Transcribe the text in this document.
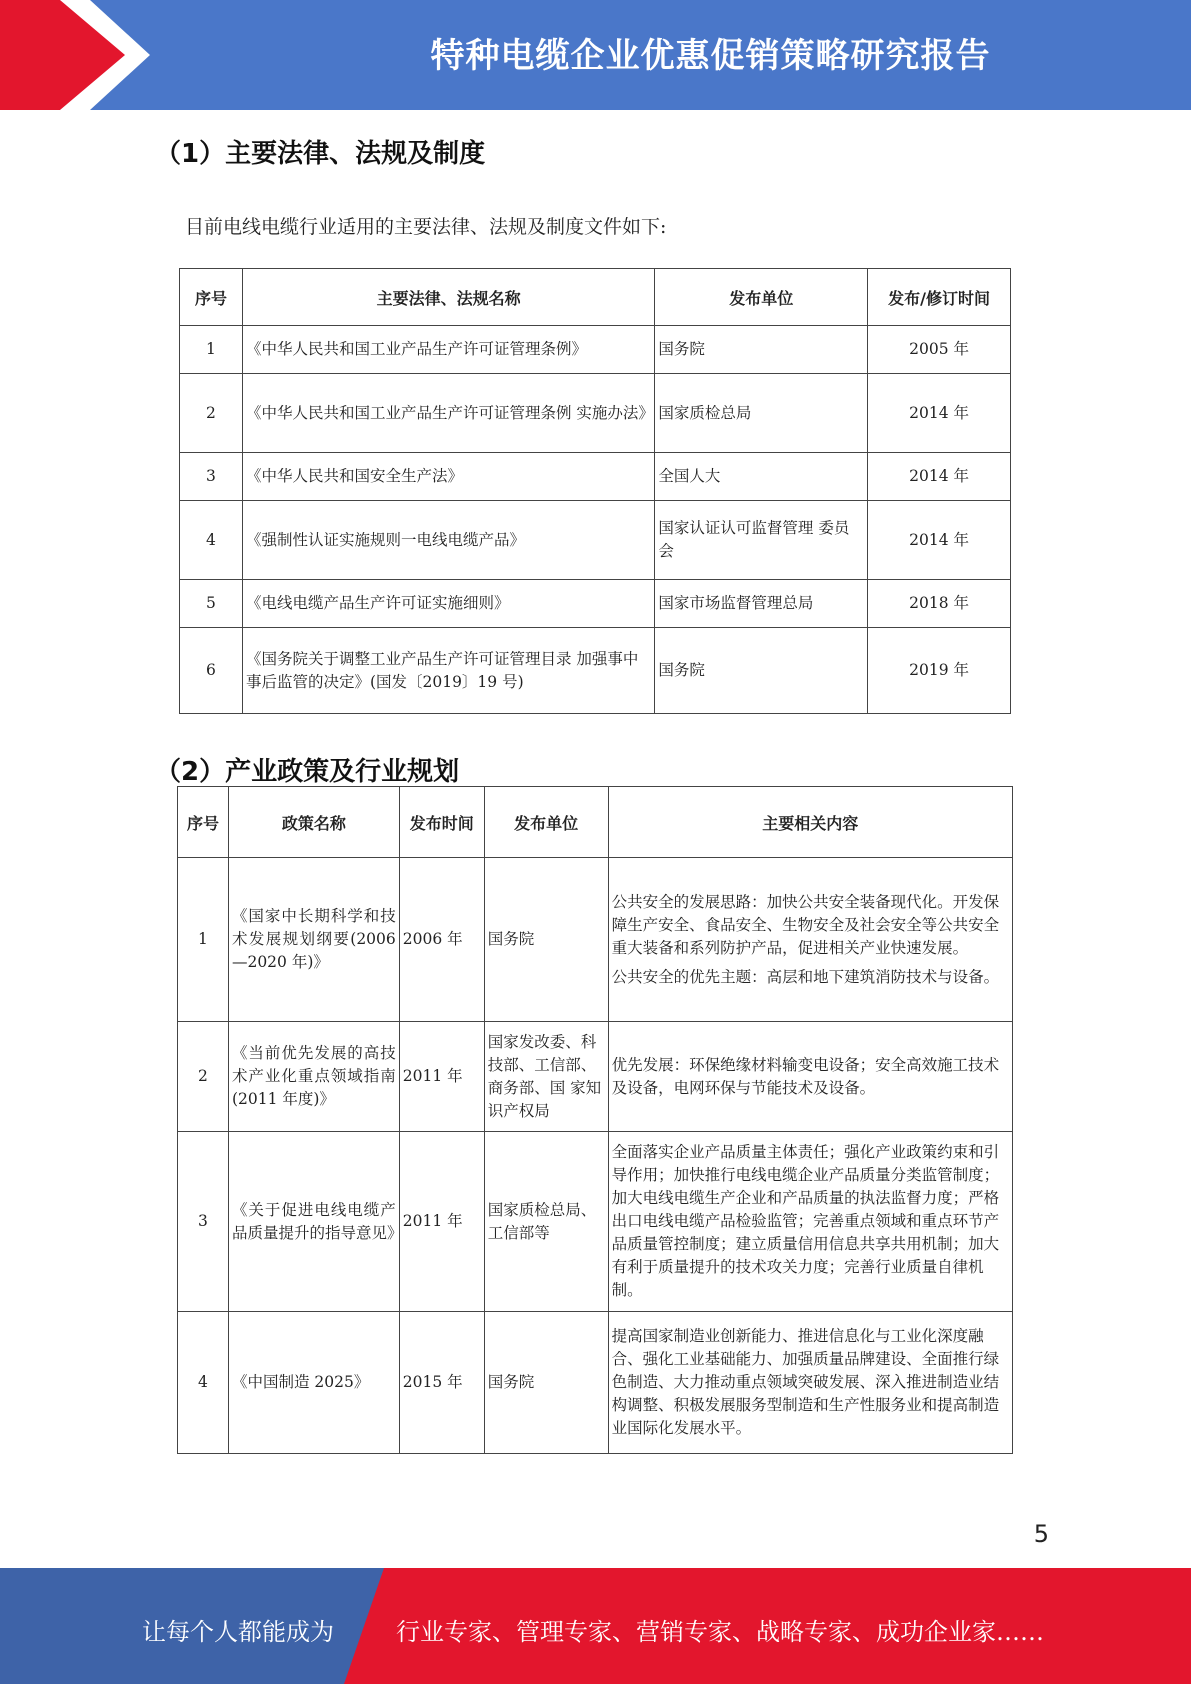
特种电缆企业优惠促销策略研究报告
（1）主要法律、法规及制度
目前电线电缆行业适用的主要法律、法规及制度文件如下:
序号	主要法律、法规名称	发布单位	发布/修订时间
1	《中华人民共和国工业产品生产许可证管理条例》	国务院	2005 年
2	《中华人民共和国工业产品生产许可证管理条例 实施办法》	国家质检总局	2014 年
3	《中华人民共和国安全生产法》	全国人大	2014 年
4	《强制性认证实施规则一电线电缆产品》	国家认证认可监督管理 委员会	2014 年
5	《电线电缆产品生产许可证实施细则》	国家市场监督管理总局	2018 年
6	《国务院关于调整工业产品生产许可证管理目录 加强事中事后监管的决定》(国发〔2019〕19 号)	国务院	2019 年
（2）产业政策及行业规划
序号	政策名称	发布时间	发布单位	主要相关内容
1	《国家中长期科学和技术发展规划纲要(2006—2020 年)》	2006 年	国务院	公共安全的发展思路：加快公共安全装备现代化。开发保障生产安全、食品安全、生物安全及社会安全等公共安全重大装备和系列防护产品，促进相关产业快速发展。

公共安全的优先主题：高层和地下建筑消防技术与设备。

2	《当前优先发展的高技术产业化重点领域指南(2011 年度)》	2011 年	国家发改委、科技部、工信部、商务部、国 家知识产权局	优先发展：环保绝缘材料输变电设备；安全高效施工技术及设备，电网环保与节能技术及设备。

3	《关于促进电线电缆产品质量提升的指导意见》	2011 年	国家质检总局、工信部等	全面落实企业产品质量主体责任；强化产业政策约束和引导作用；加快推行电线电缆企业产品质量分类监管制度；加大电线电缆生产企业和产品质量的执法监督力度；严格出口电线电缆产品检验监管；完善重点领域和重点环节产品质量管控制度；建立质量信用信息共享共用机制；加大有利于质量提升的技术攻关力度；完善行业质量自律机制。

4	《中国制造 2025》	2015 年	国务院	提高国家制造业创新能力、推进信息化与工业化深度融合、强化工业基础能力、加强质量品牌建设、全面推行绿色制造、大力推动重点领域突破发展、深入推进制造业结构调整、积极发展服务型制造和生产性服务业和提高制造业国际化发展水平。

5
让每个人都能成为	行业专家、管理专家、营销专家、战略专家、成功企业家……
